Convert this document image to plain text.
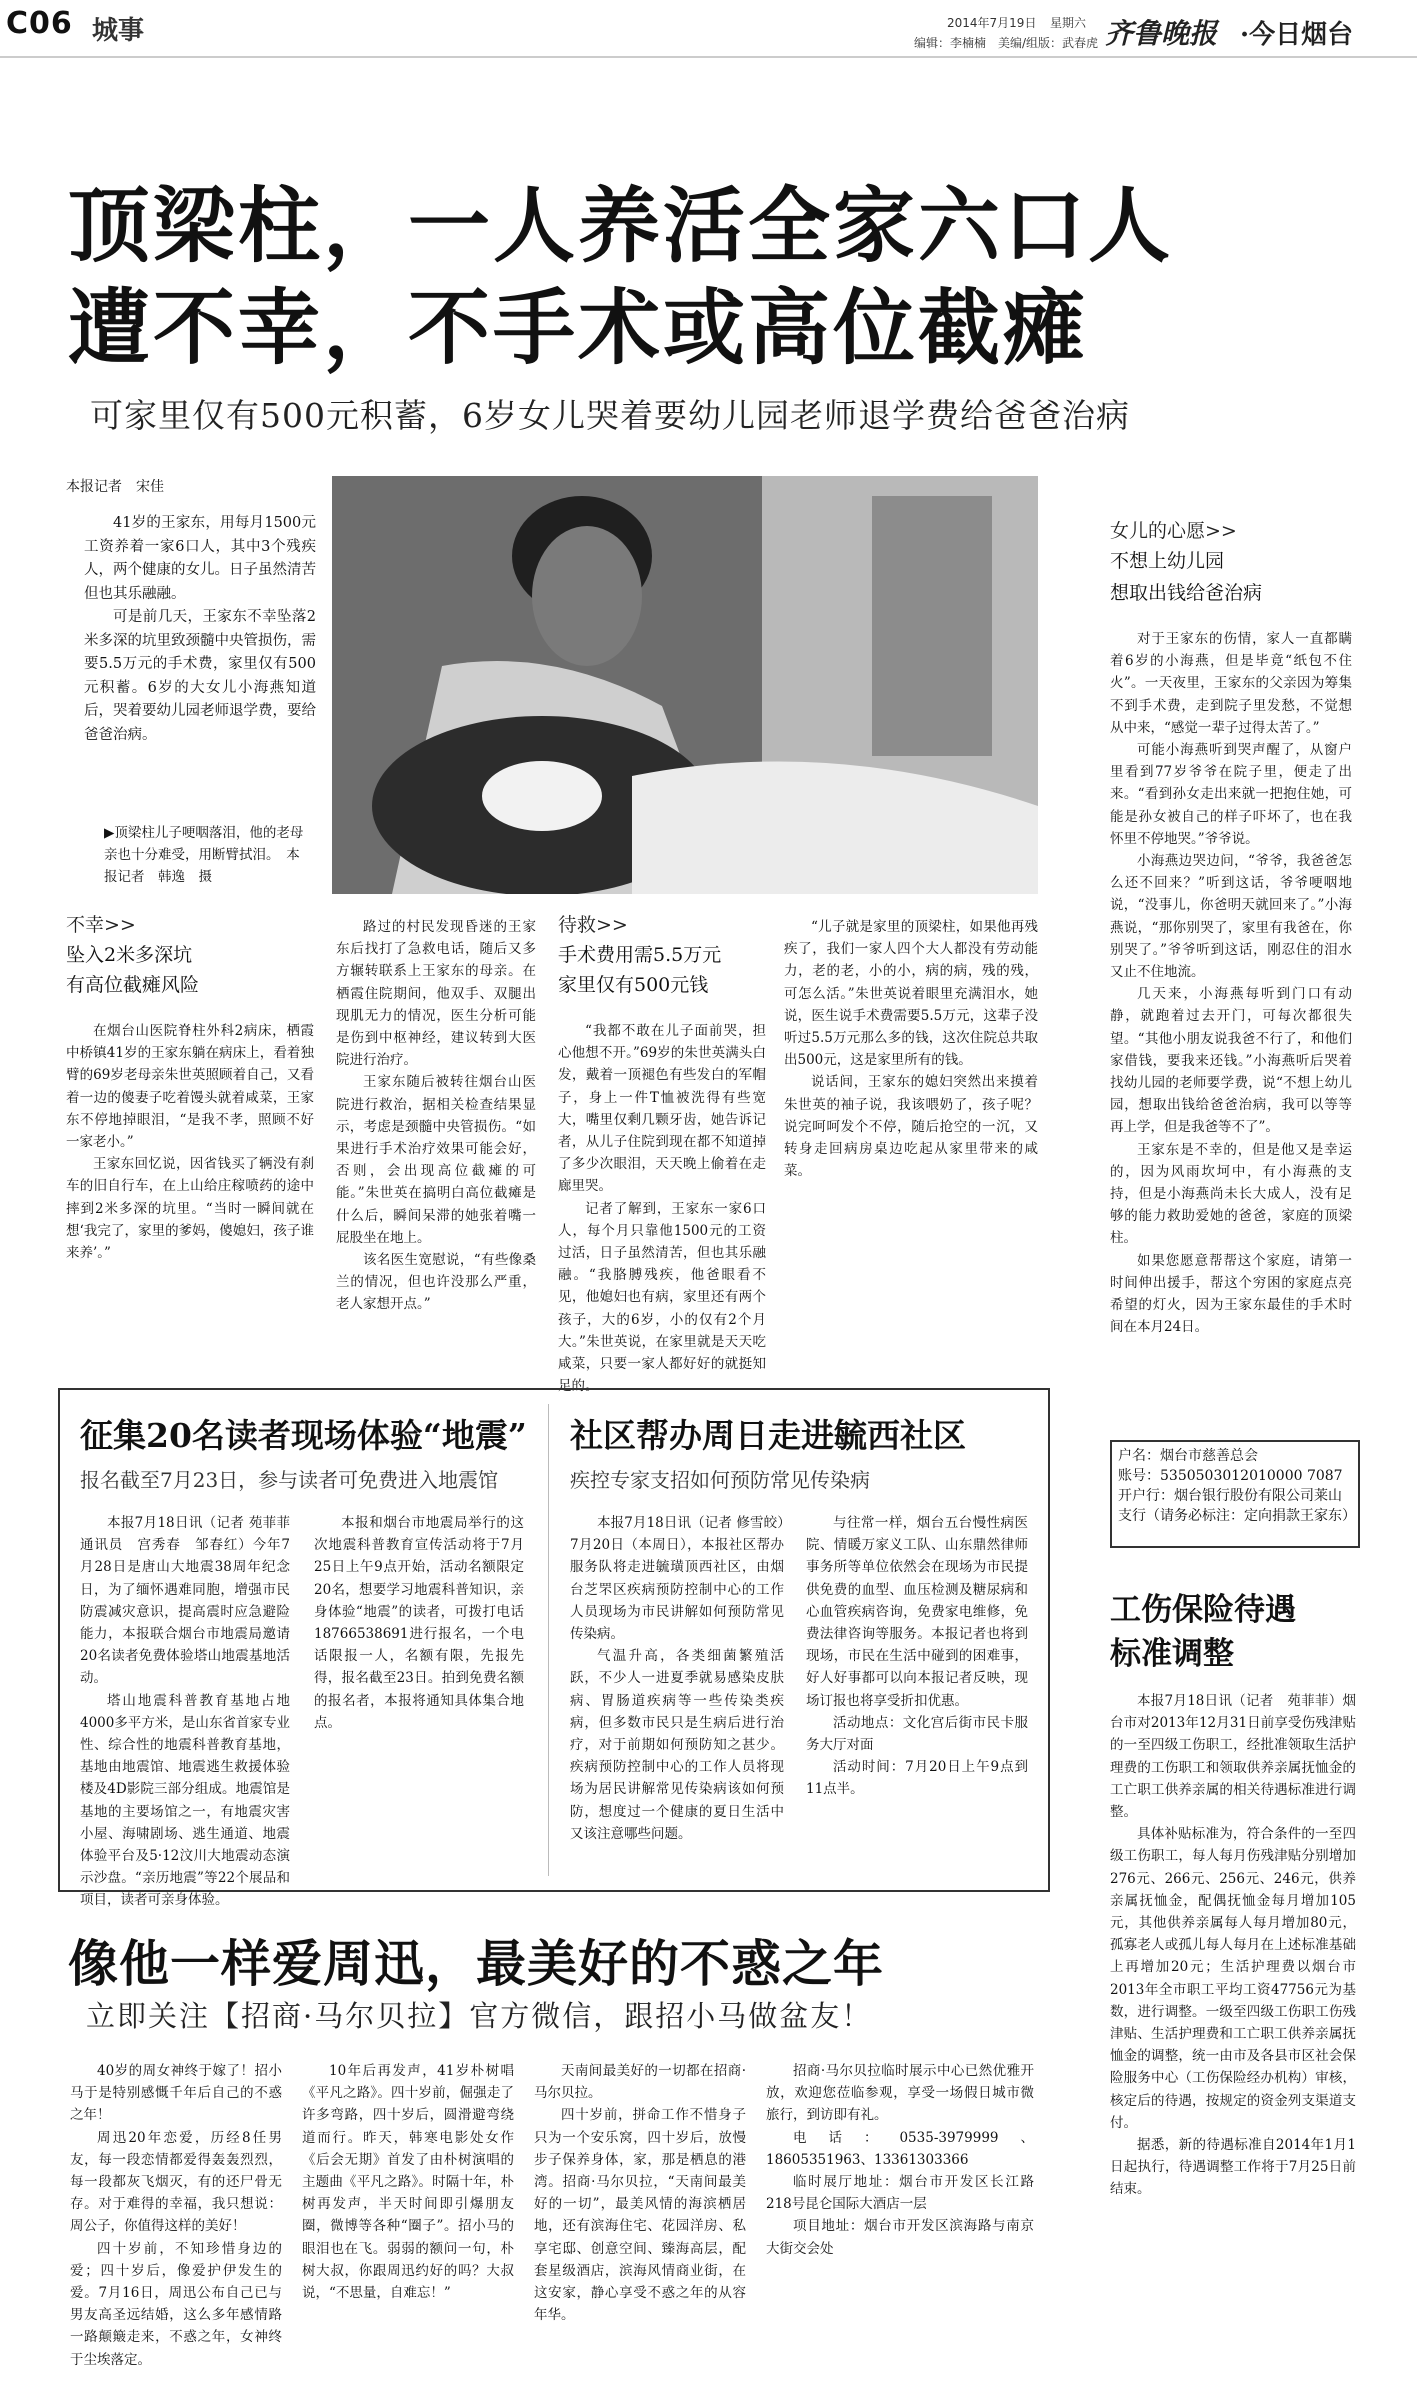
C06 城事	2014年7月19日 星期六
编辑：李楠楠　美编/组版：武春虎 齐鲁晚报 ·今日烟台
顶梁柱，一人养活全家六口人
遭不幸，不手术或高位截瘫
可家里仅有500元积蓄，6岁女儿哭着要幼儿园老师退学费给爸爸治病
本报记者　宋佳

41岁的王家东，用每月1500元工资养着一家6口人，其中3个残疾人，两个健康的女儿。日子虽然清苦但也其乐融融。

可是前几天，王家东不幸坠落2米多深的坑里致颈髓中央管损伤，需要5.5万元的手术费，家里仅有500元积蓄。6岁的大女儿小海燕知道后，哭着要幼儿园老师退学费，要给爸爸治病。

▶顶梁柱儿子哽咽落泪，他的老母亲也十分难受，用断臂拭泪。　本报记者　韩逸　摄
不幸>>
坠入2米多深坑
有高位截瘫风险

在烟台山医院脊柱外科2病床，栖霞中桥镇41岁的王家东躺在病床上，看着独臂的69岁老母亲朱世英照顾着自己，又看着一边的傻妻子吃着馒头就着咸菜，王家东不停地掉眼泪，“是我不孝，照顾不好一家老小。”

王家东回忆说，因省钱买了辆没有刹车的旧自行车，在上山给庄稼喷药的途中摔到2米多深的坑里。“当时一瞬间就在想‘我完了，家里的爹妈，傻媳妇，孩子谁来养’。”

路过的村民发现昏迷的王家东后找打了急救电话，随后又多方辗转联系上王家东的母亲。在栖霞住院期间，他双手、双腿出现肌无力的情况，医生分析可能是伤到中枢神经，建议转到大医院进行治疗。

王家东随后被转往烟台山医院进行救治，据相关检查结果显示，考虑是颈髓中央管损伤。“如果进行手术治疗效果可能会好，否则，会出现高位截瘫的可能。”朱世英在搞明白高位截瘫是什么后，瞬间呆滞的她张着嘴一屁股坐在地上。

该名医生宽慰说，“有些像桑兰的情况，但也许没那么严重，老人家想开点。”

待救>>
手术费用需5.5万元
家里仅有500元钱

“我都不敢在儿子面前哭，担心他想不开。”69岁的朱世英满头白发，戴着一顶褪色有些发白的军帽子，身上一件T恤被洗得有些宽大，嘴里仅剩几颗牙齿，她告诉记者，从儿子住院到现在都不知道掉了多少次眼泪，天天晚上偷着在走廊里哭。

记者了解到，王家东一家6口人，每个月只靠他1500元的工资过活，日子虽然清苦，但也其乐融融。“我胳膊残疾，他爸眼看不见，他媳妇也有病，家里还有两个孩子，大的6岁，小的仅有2个月大。”朱世英说，在家里就是天天吃咸菜，只要一家人都好好的就挺知足的。

“儿子就是家里的顶梁柱，如果他再残疾了，我们一家人四个大人都没有劳动能力，老的老，小的小，病的病，残的残，可怎么活。”朱世英说着眼里充满泪水，她说，医生说手术费需要5.5万元，这辈子没听过5.5万元那么多的钱，这次住院总共取出500元，这是家里所有的钱。

说话间，王家东的媳妇突然出来摸着朱世英的袖子说，我该喂奶了，孩子呢？说完呵呵发个不停，随后抢空的一沉，又转身走回病房桌边吃起从家里带来的咸菜。

女儿的心愿>>
不想上幼儿园
想取出钱给爸治病

对于王家东的伤情，家人一直都瞒着6岁的小海燕，但是毕竟“纸包不住火”。一天夜里，王家东的父亲因为筹集不到手术费，走到院子里发愁，不觉想从中来，“感觉一辈子过得太苦了。”

可能小海燕听到哭声醒了，从窗户里看到77岁爷爷在院子里，便走了出来。“看到孙女走出来就一把抱住她，可能是孙女被自己的样子吓坏了，也在我怀里不停地哭。”爷爷说。

小海燕边哭边问，“爷爷，我爸爸怎么还不回来？”听到这话，爷爷哽咽地说，“没事儿，你爸明天就回来了。”小海燕说，“那你别哭了，家里有我爸在，你别哭了。”爷爷听到这话，刚忍住的泪水又止不住地流。

几天来，小海燕每听到门口有动静，就跑着过去开门，可每次都很失望。“其他小朋友说我爸不行了，和他们家借钱，要我来还钱。”小海燕听后哭着找幼儿园的老师要学费，说“不想上幼儿园，想取出钱给爸爸治病，我可以等等再上学，但是我爸等不了”。

王家东是不幸的，但是他又是幸运的，因为风雨坎坷中，有小海燕的支持，但是小海燕尚未长大成人，没有足够的能力救助爱她的爸爸，家庭的顶梁柱。

如果您愿意帮帮这个家庭，请第一时间伸出援手，帮这个穷困的家庭点亮希望的灯火，因为王家东最佳的手术时间在本月24日。

户名：烟台市慈善总会
账号：5350503012010000 7087
开户行：烟台银行股份有限公司莱山支行（请务必标注：定向捐款王家东）
征集20名读者现场体验“地震”
报名截至7月23日，参与读者可免费进入地震馆

本报7月18日讯（记者 苑菲菲　通讯员　宫秀春　邹春红）今年7月28日是唐山大地震38周年纪念日，为了缅怀遇难同胞，增强市民防震减灾意识，提高震时应急避险能力，本报联合烟台市地震局邀请20名读者免费体验塔山地震基地活动。

塔山地震科普教育基地占地4000多平方米，是山东省首家专业性、综合性的地震科普教育基地，基地由地震馆、地震逃生救援体验楼及4D影院三部分组成。地震馆是基地的主要场馆之一，有地震灾害小屋、海啸剧场、逃生通道、地震体验平台及5·12汶川大地震动态演示沙盘。“亲历地震”等22个展品和项目，读者可亲身体验。

本报和烟台市地震局举行的这次地震科普教育宣传活动将于7月25日上午9点开始，活动名额限定20名，想要学习地震科普知识，亲身体验“地震”的读者，可拨打电话18766538691进行报名，一个电话限报一人，名额有限，先报先得，报名截至23日。拍到免费名额的报名者，本报将通知具体集合地点。

社区帮办周日走进毓西社区
疾控专家支招如何预防常见传染病

本报7月18日讯（记者 修雪皎）7月20日（本周日），本报社区帮办服务队将走进毓璜顶西社区，由烟台芝罘区疾病预防控制中心的工作人员现场为市民讲解如何预防常见传染病。

气温升高，各类细菌繁殖活跃，不少人一进夏季就易感染皮肤病、胃肠道疾病等一些传染类疾病，但多数市民只是生病后进行治疗，对于前期如何预防知之甚少。疾病预防控制中心的工作人员将现场为居民讲解常见传染病该如何预防，想度过一个健康的夏日生活中又该注意哪些问题。

与往常一样，烟台五台慢性病医院、情暖万家义工队、山东鼎然律师事务所等单位依然会在现场为市民提供免费的血型、血压检测及糖尿病和心血管疾病咨询，免费家电维修，免费法律咨询等服务。本报记者也将到现场，市民在生活中碰到的困难事，好人好事都可以向本报记者反映，现场订报也将享受折扣优惠。

活动地点：文化宫后街市民卡服务大厅对面

活动时间：7月20日上午9点到11点半。

工伤保险待遇
标准调整

本报7月18日讯（记者　苑菲菲）烟台市对2013年12月31日前享受伤残津贴的一至四级工伤职工，经批准领取生活护理费的工伤职工和领取供养亲属抚恤金的工亡职工供养亲属的相关待遇标准进行调整。

具体补贴标准为，符合条件的一至四级工伤职工，每人每月伤残津贴分别增加276元、266元、256元、246元，供养亲属抚恤金，配偶抚恤金每月增加105元，其他供养亲属每人每月增加80元，孤寡老人或孤儿每人每月在上述标准基础上再增加20元；生活护理费以烟台市2013年全市职工平均工资47756元为基数，进行调整。一级至四级工伤职工伤残津贴、生活护理费和工亡职工供养亲属抚恤金的调整，统一由市及各县市区社会保险服务中心（工伤保险经办机构）审核，核定后的待遇，按规定的资金列支渠道支付。

据悉，新的待遇标准自2014年1月1日起执行，待遇调整工作将于7月25日前结束。

像他一样爱周迅，最美好的不惑之年
立即关注【招商·马尔贝拉】官方微信，跟招小马做盆友！

40岁的周女神终于嫁了！招小马于是特别感慨千年后自己的不惑之年！

周迅20年恋爱，历经8任男友，每一段恋情都爱得轰轰烈烈，每一段都灰飞烟灭，有的还尸骨无存。对于难得的幸福，我只想说：周公子，你值得这样的美好！

四十岁前，不知珍惜身边的爱；四十岁后，像爱护伊发生的爱。7月16日，周迅公布自己已与男友高圣远结婚，这么多年感情路一路颠簸走来，不惑之年，女神终于尘埃落定。

10年后再发声，41岁朴树唱《平凡之路》。四十岁前，倔强走了许多弯路，四十岁后，圆滑避弯绕道而行。昨天，韩寒电影处女作《后会无期》首发了由朴树演唱的主题曲《平凡之路》。时隔十年，朴树再发声，半天时间即引爆朋友圈，微博等各种“圈子”。招小马的眼泪也在飞。弱弱的额问一句，朴树大叔，你跟周迅约好的吗？大叔说，“不思量，自难忘！”

天南间最美好的一切都在招商·马尔贝拉。

四十岁前，拼命工作不惜身子只为一个安乐窝，四十岁后，放慢步子保养身体，家，那是栖息的港湾。招商·马尔贝拉，“天南间最美好的一切”，最美风情的海滨栖居地，还有滨海住宅、花园洋房、私享宅邸、创意空间、臻海高层，配套星级酒店，滨海风情商业街，在这安家，静心享受不惑之年的从容年华。

招商·马尔贝拉临时展示中心已然优雅开放，欢迎您莅临参观，享受一场假日城市微旅行，到访即有礼。

电话：0535-3979999、18605351963、13361303366

临时展厅地址：烟台市开发区长江路218号昆仑国际大酒店一层

项目地址：烟台市开发区滨海路与南京大街交会处
